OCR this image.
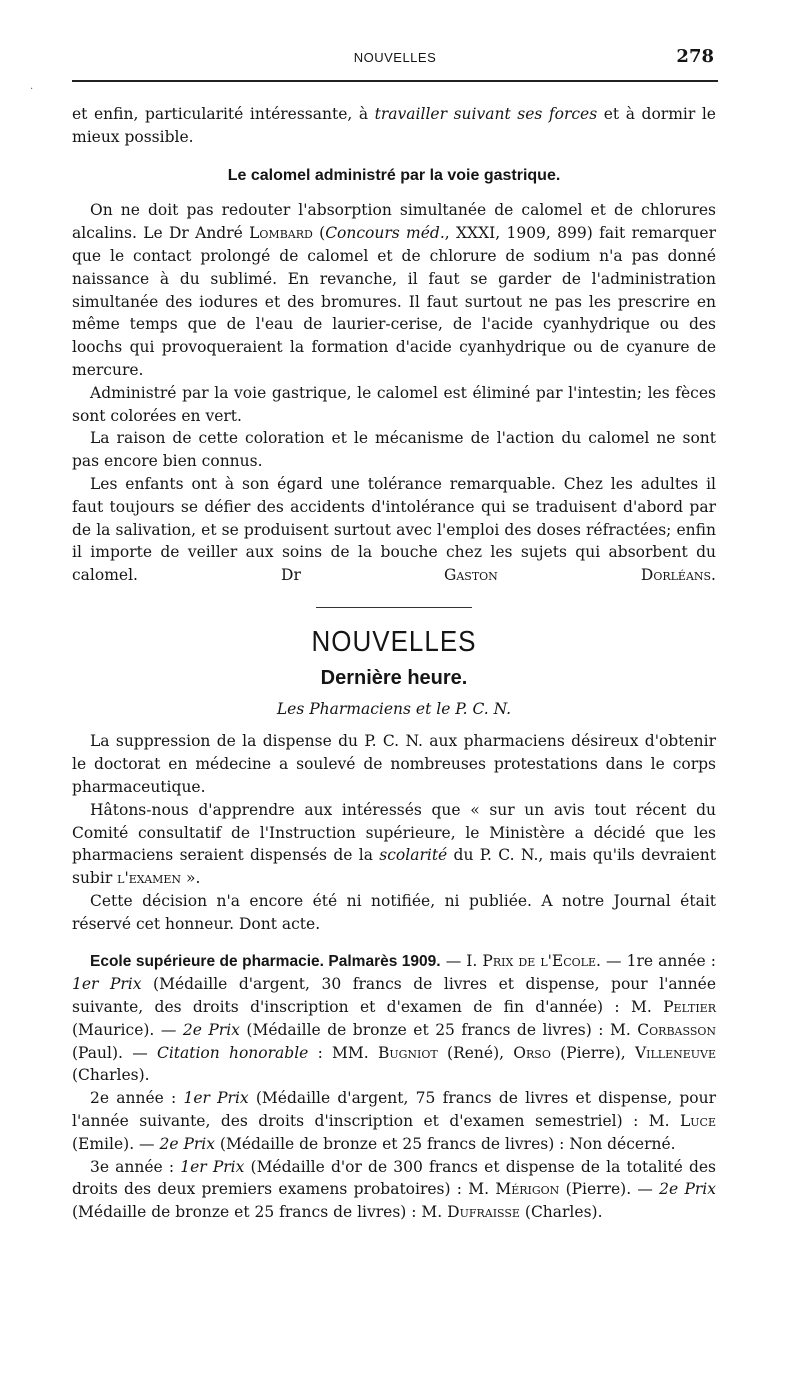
NOUVELLES	278
·

et enfin, particularité intéressante, à travailler suivant ses forces et à dormir le mieux possible.

Le calomel administré par la voie gastrique.

On ne doit pas redouter l'absorption simultanée de calomel et de chlorures alcalins. Le Dr André Lombard (Concours méd., XXXI, 1909, 899) fait remarquer que le contact prolongé de calomel et de chlorure de sodium n'a pas donné naissance à du sublimé. En revanche, il faut se garder de l'administration simultanée des iodures et des bromures. Il faut surtout ne pas les prescrire en même temps que de l'eau de laurier-cerise, de l'acide cyanhydrique ou des loochs qui provoqueraient la formation d'acide cyanhydrique ou de cyanure de mercure.

Administré par la voie gastrique, le calomel est éliminé par l'intestin; les fèces sont colorées en vert.

La raison de cette coloration et le mécanisme de l'action du calomel ne sont pas encore bien connus.

Les enfants ont à son égard une tolérance remarquable. Chez les adultes il faut toujours se défier des accidents d'intolérance qui se traduisent d'abord par de la salivation, et se produisent surtout avec l'emploi des doses réfractées; enfin il importe de veiller aux soins de la bouche chez les sujets qui absorbent du calomel.	Dr Gaston Dorléans.

NOUVELLES
Dernière heure.
Les Pharmaciens et le P. C. N.

La suppression de la dispense du P. C. N. aux pharmaciens désireux d'obtenir le doctorat en médecine a soulevé de nombreuses protestations dans le corps pharmaceutique.

Hâtons-nous d'apprendre aux intéressés que « sur un avis tout récent du Comité consultatif de l'Instruction supérieure, le Ministère a décidé que les pharmaciens seraient dispensés de la scolarité du P. C. N., mais qu'ils devraient subir l'examen ».

Cette décision n'a encore été ni notifiée, ni publiée. A notre Journal était réservé cet honneur. Dont acte.

Ecole supérieure de pharmacie. Palmarès 1909. — I. Prix de l'Ecole. — 1re année : 1er Prix (Médaille d'argent, 30 francs de livres et dispense, pour l'année suivante, des droits d'inscription et d'examen de fin d'année) : M. Peltier (Maurice). — 2e Prix (Médaille de bronze et 25 francs de livres) : M. Corbasson (Paul). — Citation honorable : MM. Bugniot (René), Orso (Pierre), Villeneuve (Charles).

2e année : 1er Prix (Médaille d'argent, 75 francs de livres et dispense, pour l'année suivante, des droits d'inscription et d'examen semestriel) : M. Luce (Emile). — 2e Prix (Médaille de bronze et 25 francs de livres) : Non décerné.

3e année : 1er Prix (Médaille d'or de 300 francs et dispense de la totalité des droits des deux premiers examens probatoires) : M. Mérigon (Pierre). — 2e Prix (Médaille de bronze et 25 francs de livres) : M. Dufraisse (Charles).
